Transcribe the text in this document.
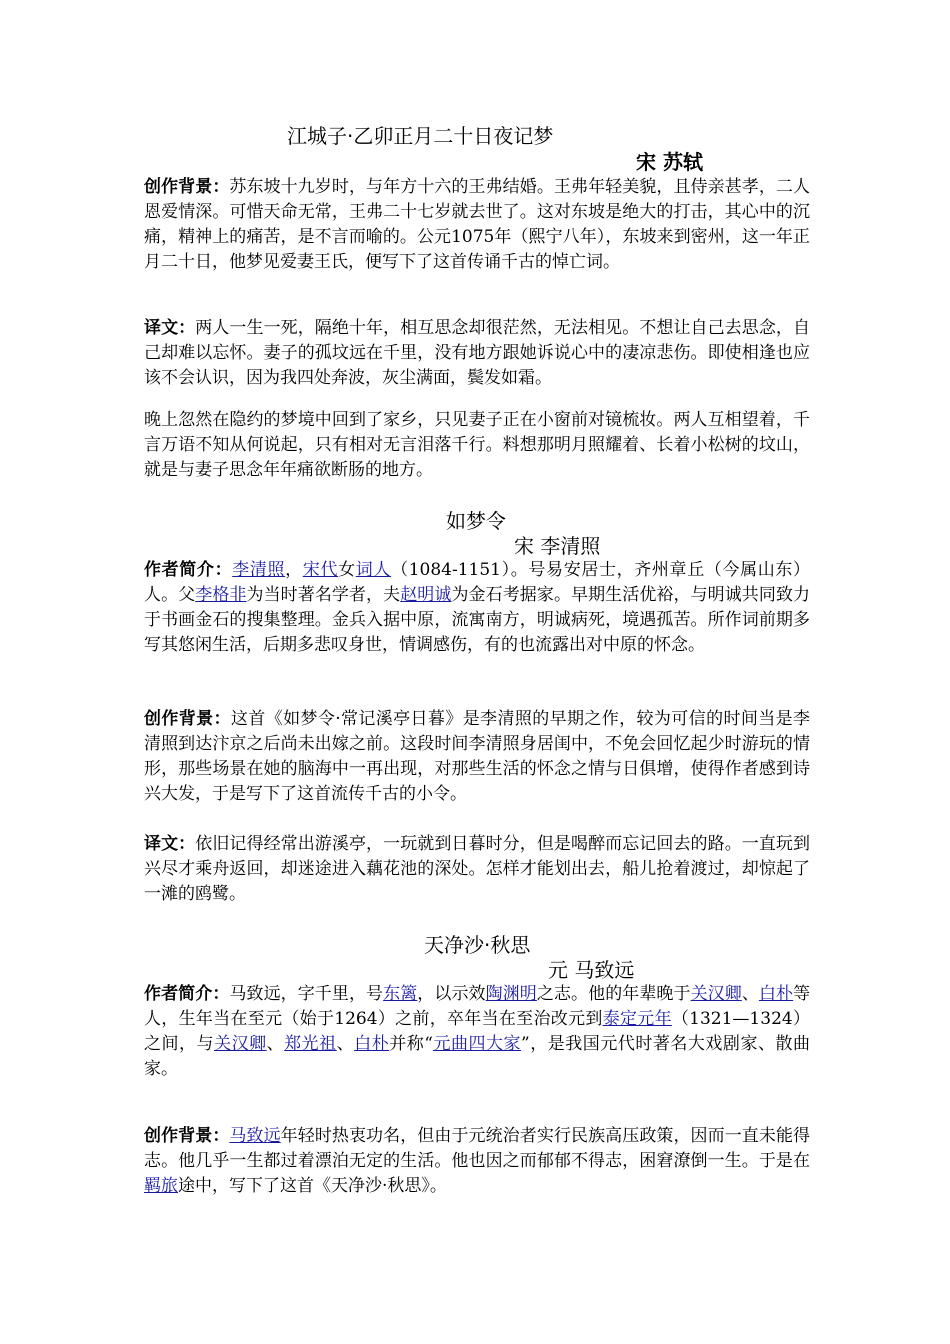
江城子·乙卯正月二十日夜记梦
宋 苏轼

创作背景：苏东坡十九岁时，与年方十六的王弗结婚。王弗年轻美貌，且侍亲甚孝，二人恩爱情深。可惜天命无常，王弗二十七岁就去世了。这对东坡是绝大的打击，其心中的沉痛，精神上的痛苦，是不言而喻的。公元1075年（熙宁八年），东坡来到密州，这一年正月二十日，他梦见爱妻王氏，便写下了这首传诵千古的悼亡词。

译文：两人一生一死，隔绝十年，相互思念却很茫然，无法相见。不想让自己去思念，自己却难以忘怀。妻子的孤坟远在千里，没有地方跟她诉说心中的凄凉悲伤。即使相逢也应该不会认识，因为我四处奔波，灰尘满面，鬓发如霜。

晚上忽然在隐约的梦境中回到了家乡，只见妻子正在小窗前对镜梳妆。两人互相望着，千言万语不知从何说起，只有相对无言泪落千行。料想那明月照耀着、长着小松树的坟山，就是与妻子思念年年痛欲断肠的地方。

如梦令
宋 李清照

作者简介：李清照，宋代女词人（1084-1151）。号易安居士，齐州章丘（今属山东）人。父李格非为当时著名学者，夫赵明诚为金石考据家。早期生活优裕，与明诚共同致力于书画金石的搜集整理。金兵入据中原，流寓南方，明诚病死，境遇孤苦。所作词前期多写其悠闲生活，后期多悲叹身世，情调感伤，有的也流露出对中原的怀念。

创作背景：这首《如梦令·常记溪亭日暮》是李清照的早期之作，较为可信的时间当是李清照到达汴京之后尚未出嫁之前。这段时间李清照身居闺中，不免会回忆起少时游玩的情形，那些场景在她的脑海中一再出现，对那些生活的怀念之情与日俱增，使得作者感到诗兴大发，于是写下了这首流传千古的小令。

译文：依旧记得经常出游溪亭，一玩就到日暮时分，但是喝醉而忘记回去的路。一直玩到兴尽才乘舟返回，却迷途进入藕花池的深处。怎样才能划出去，船儿抢着渡过，却惊起了一滩的鸥鹭。

天净沙·秋思
元 马致远

作者简介：马致远，字千里，号东篱，以示效陶渊明之志。他的年辈晚于关汉卿、白朴等人，生年当在至元（始于1264）之前，卒年当在至治改元到泰定元年（1321—1324）之间，与关汉卿、郑光祖、白朴并称“元曲四大家”，是我国元代时著名大戏剧家、散曲家。

创作背景：马致远年轻时热衷功名，但由于元统治者实行民族高压政策，因而一直未能得志。他几乎一生都过着漂泊无定的生活。他也因之而郁郁不得志，困窘潦倒一生。于是在羁旅途中，写下了这首《天净沙·秋思》。
